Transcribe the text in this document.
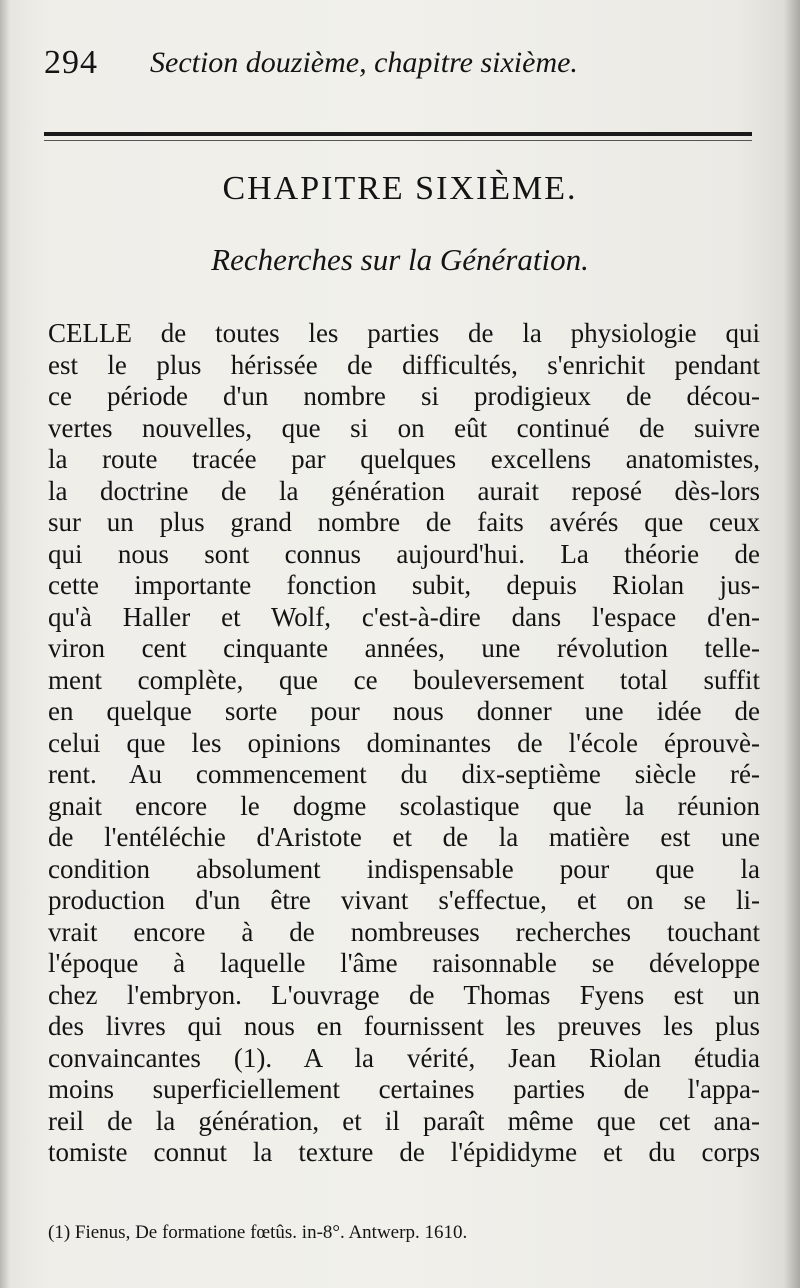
294 Section douzième, chapitre sixième.
CHAPITRE SIXIÈME.
Recherches sur la Génération.
CELLE de toutes les parties de la physiologie qui
est le plus hérissée de difficultés, s'enrichit pendant
ce période d'un nombre si prodigieux de décou-
vertes nouvelles, que si on eût continué de suivre
la route tracée par quelques excellens anatomistes,
la doctrine de la génération aurait reposé dès-lors
sur un plus grand nombre de faits avérés que ceux
qui nous sont connus aujourd'hui. La théorie de
cette importante fonction subit, depuis Riolan jus-
qu'à Haller et Wolf, c'est-à-dire dans l'espace d'en-
viron cent cinquante années, une révolution telle-
ment complète, que ce bouleversement total suffit
en quelque sorte pour nous donner une idée de
celui que les opinions dominantes de l'école éprouvè-
rent. Au commencement du dix-septième siècle ré-
gnait encore le dogme scolastique que la réunion
de l'entéléchie d'Aristote et de la matière est une
condition absolument indispensable pour que la
production d'un être vivant s'effectue, et on se li-
vrait encore à de nombreuses recherches touchant
l'époque à laquelle l'âme raisonnable se développe
chez l'embryon. L'ouvrage de Thomas Fyens est un
des livres qui nous en fournissent les preuves les plus
convaincantes (1). A la vérité, Jean Riolan étudia
moins superficiellement certaines parties de l'appa-
reil de la génération, et il paraît même que cet ana-
tomiste connut la texture de l'épididyme et du corps
(1) Fienus, De formatione fœtûs. in-8°. Antwerp. 1610.
